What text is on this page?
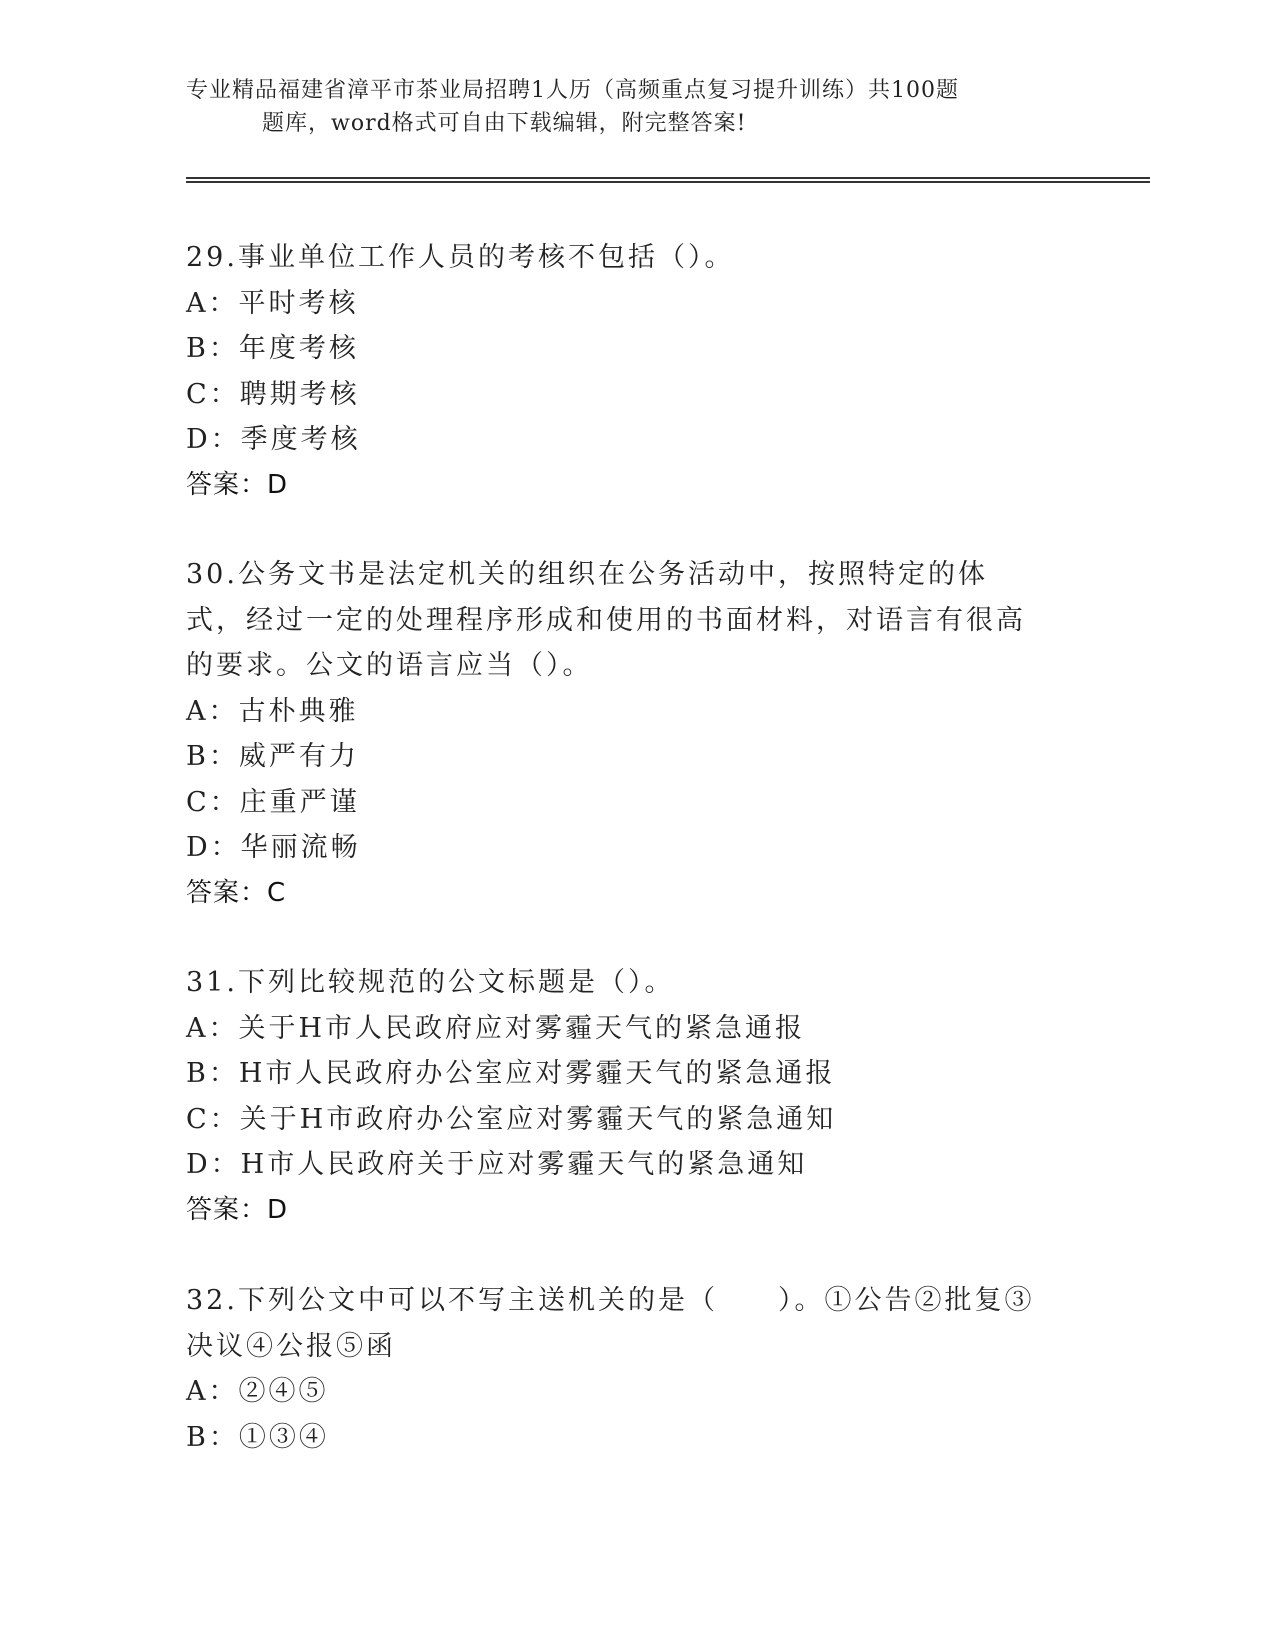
专业精品福建省漳平市茶业局招聘1人历（高频重点复习提升训练）共100题
题库，word格式可自由下载编辑，附完整答案!
29.事业单位工作人员的考核不包括（）。
A：平时考核
B：年度考核
C：聘期考核
D：季度考核
答案：D
30.公务文书是法定机关的组织在公务活动中，按照特定的体式，经过一定的处理程序形成和使用的书面材料，对语言有很高的要求。公文的语言应当（）。
A：古朴典雅
B：威严有力
C：庄重严谨
D：华丽流畅
答案：C
31.下列比较规范的公文标题是（）。
A：关于H市人民政府应对雾霾天气的紧急通报
B：H市人民政府办公室应对雾霾天气的紧急通报
C：关于H市政府办公室应对雾霾天气的紧急通知
D：H市人民政府关于应对雾霾天气的紧急通知
答案：D
32.下列公文中可以不写主送机关的是（　　）。①公告②批复③决议④公报⑤函
A：②④⑤
B：①③④
